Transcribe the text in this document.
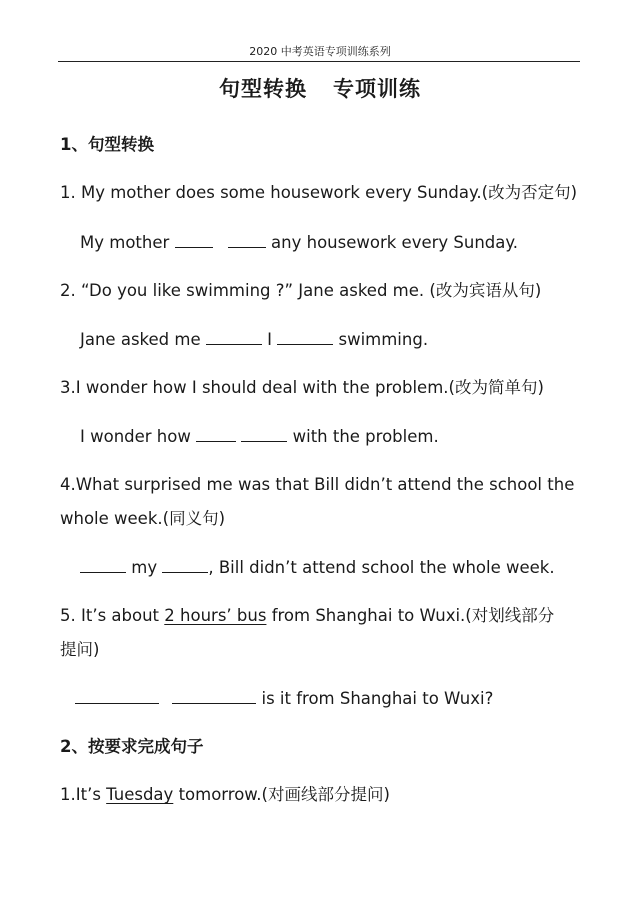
2020 中考英语专项训练系列
句型转换 专项训练
1、句型转换
1. My mother does some housework every Sunday.(改为否定句)
My mother	any housework every Sunday.
2. “Do you like swimming ?” Jane asked me. (改为宾语从句)
Jane asked me	I	swimming.
3.I wonder how I should deal with the problem.(改为简单句)
I wonder how	with the problem.
4.What surprised me was that Bill didn’t attend the school the
whole week.(同义句)
my	, Bill didn’t attend school the whole week.
5. It’s about 2 hours’ bus from Shanghai to Wuxi.(对划线部分
提问)
is it from Shanghai to Wuxi?
2、按要求完成句子
1.It’s Tuesday tomorrow.(对画线部分提问)
